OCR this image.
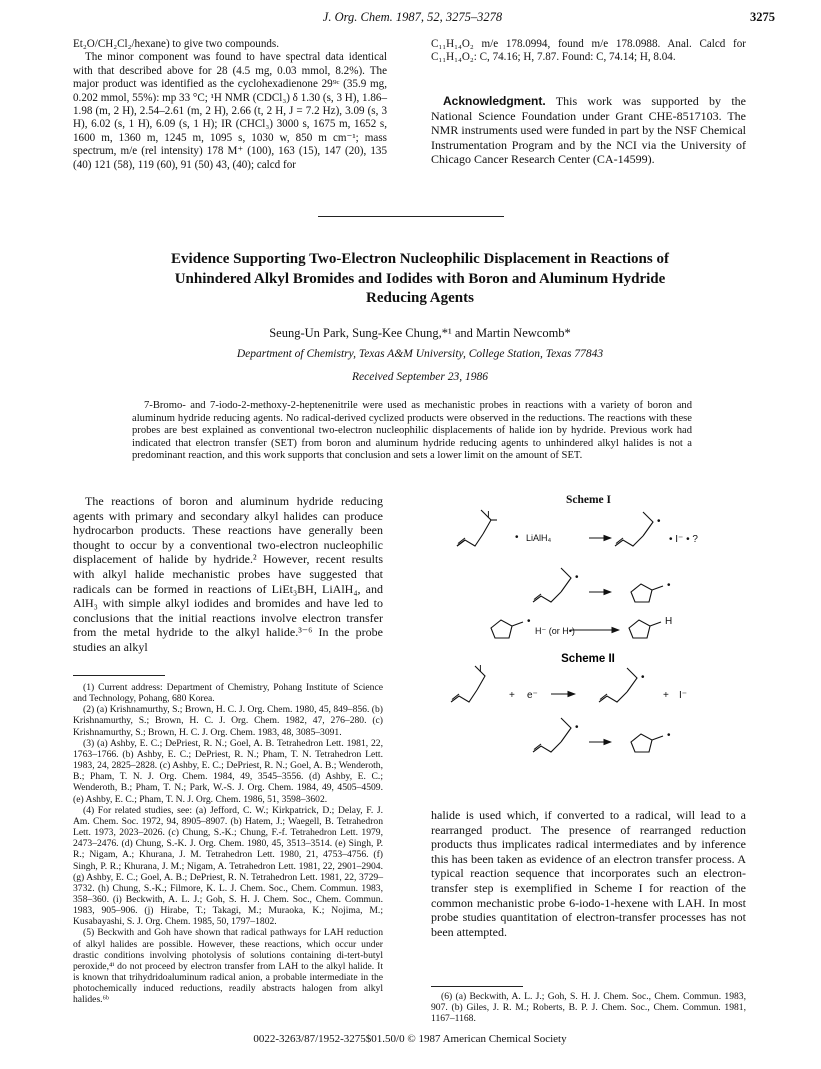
J. Org. Chem. 1987, 52, 3275–3278	3275

Et₂O/CH₂Cl₂/hexane) to give two compounds.

The minor component was found to have spectral data identical with that described above for 28 (4.5 mg, 0.03 mmol, 8.2%). The major product was identified as the cyclohexadienone 29⁹ᶜ (35.9 mg, 0.202 mmol, 55%): mp 33 °C; ¹H NMR (CDCl₃) δ 1.30 (s, 3 H), 1.86–1.98 (m, 2 H), 2.54–2.61 (m, 2 H), 2.66 (t, 2 H, J = 7.2 Hz), 3.09 (s, 3 H), 6.02 (s, 1 H), 6.09 (s, 1 H); IR (CHCl₃) 3000 s, 1675 m, 1652 s, 1600 m, 1360 m, 1245 m, 1095 s, 1030 w, 850 m cm⁻¹; mass spectrum, m/e (rel intensity) 178 M⁺ (100), 163 (15), 147 (20), 135 (40) 121 (58), 119 (60), 91 (50) 43, (40); calcd for

C₁₁H₁₄O₂ m/e 178.0994, found m/e 178.0988. Anal. Calcd for C₁₁H₁₄O₂: C, 74.16; H, 7.87. Found: C, 74.14; H, 8.04.

Acknowledgment. This work was supported by the National Science Foundation under Grant CHE-8517103. The NMR instruments used were funded in part by the NSF Chemical Instrumentation Program and by the NCI via the University of Chicago Cancer Research Center (CA-14599).

Evidence Supporting Two-Electron Nucleophilic Displacement in Reactions of Unhindered Alkyl Bromides and Iodides with Boron and Aluminum Hydride Reducing Agents
Seung-Un Park, Sung-Kee Chung,*¹ and Martin Newcomb*
Department of Chemistry, Texas A&M University, College Station, Texas 77843
Received September 23, 1986

7-Bromo- and 7-iodo-2-methoxy-2-heptenenitrile were used as mechanistic probes in reactions with a variety of boron and aluminum hydride reducing agents. No radical-derived cyclized products were observed in the reductions. The reactions with these probes are best explained as conventional two-electron nucleophilic displacements of halide ion by hydride. Previous work had indicated that electron transfer (SET) from boron and aluminum hydride reducing agents to unhindered alkyl halides is not a predominant reaction, and this work supports that conclusion and sets a lower limit on the amount of SET.

The reactions of boron and aluminum hydride reducing agents with primary and secondary alkyl halides can produce hydrocarbon products. These reactions have generally been thought to occur by a conventional two-electron nucleophilic displacement of halide by hydride.² However, recent results with alkyl halide mechanistic probes have suggested that radicals can be formed in reactions of LiEt₃BH, LiAlH₄, and AlH₃ with simple alkyl iodides and bromides and have led to conclusions that the initial reactions involve electron transfer from the metal hydride to the alkyl halide.³⁻⁶ In the probe studies an alkyl

(1) Current address: Department of Chemistry, Pohang Institute of Science and Technology, Pohang, 680 Korea.

(2) (a) Krishnamurthy, S.; Brown, H. C. J. Org. Chem. 1980, 45, 849–856. (b) Krishnamurthy, S.; Brown, H. C. J. Org. Chem. 1982, 47, 276–280. (c) Krishnamurthy, S.; Brown, H. C. J. Org. Chem. 1983, 48, 3085–3091.

(3) (a) Ashby, E. C.; DePriest, R. N.; Goel, A. B. Tetrahedron Lett. 1981, 22, 1763–1766. (b) Ashby, E. C.; DePriest, R. N.; Pham, T. N. Tetrahedron Lett. 1983, 24, 2825–2828. (c) Ashby, E. C.; DePriest, R. N.; Goel, A. B.; Wenderoth, B.; Pham, T. N. J. Org. Chem. 1984, 49, 3545–3556. (d) Ashby, E. C.; Wenderoth, B.; Pham, T. N.; Park, W.-S. J. Org. Chem. 1984, 49, 4505–4509. (e) Ashby, E. C.; Pham, T. N. J. Org. Chem. 1986, 51, 3598–3602.

(4) For related studies, see: (a) Jefford, C. W.; Kirkpatrick, D.; Delay, F. J. Am. Chem. Soc. 1972, 94, 8905–8907. (b) Hatem, J.; Waegell, B. Tetrahedron Lett. 1973, 2023–2026. (c) Chung, S.-K.; Chung, F.-f. Tetrahedron Lett. 1979, 2473–2476. (d) Chung, S.-K. J. Org. Chem. 1980, 45, 3513–3514. (e) Singh, P. R.; Nigam, A.; Khurana, J. M. Tetrahedron Lett. 1980, 21, 4753–4756. (f) Singh, P. R.; Khurana, J. M.; Nigam, A. Tetrahedron Lett. 1981, 22, 2901–2904. (g) Ashby, E. C.; Goel, A. B.; DePriest, R. N. Tetrahedron Lett. 1981, 22, 3729–3732. (h) Chung, S.-K.; Filmore, K. L. J. Chem. Soc., Chem. Commun. 1983, 358–360. (i) Beckwith, A. L. J.; Goh, S. H. J. Chem. Soc., Chem. Commun. 1983, 905–906. (j) Hirabe, T.; Takagi, M.; Muraoka, K.; Nojima, M.; Kusabayashi, S. J. Org. Chem. 1985, 50, 1797–1802.

(5) Beckwith and Goh have shown that radical pathways for LAH reduction of alkyl halides are possible. However, these reactions, which occur under drastic conditions involving photolysis of solutions containing di-tert-butyl peroxide,⁴ⁱ do not proceed by electron transfer from LAH to the alkyl halide. It is known that trihydridoaluminum radical anion, a probable intermediate in the photochemically induced reductions, readily abstracts halogen from alkyl halides.⁶ᵇ

Scheme I
I
• LiAlH₄
•
• I⁻ • ?
•
•
•
H⁻ (or H•)
H
I
+ e⁻
•
+ I⁻
•
•
Scheme II

halide is used which, if converted to a radical, will lead to a rearranged product. The presence of rearranged reduction products thus implicates radical intermediates and by inference this has been taken as evidence of an electron transfer process. A typical reaction sequence that incorporates such an electron-transfer step is exemplified in Scheme I for reaction of the common mechanistic probe 6-iodo-1-hexene with LAH. In most probe studies quantitation of electron-transfer processes has not been attempted.

(6) (a) Beckwith, A. L. J.; Goh, S. H. J. Chem. Soc., Chem. Commun. 1983, 907. (b) Giles, J. R. M.; Roberts, B. P. J. Chem. Soc., Chem. Commun. 1981, 1167–1168.

0022-3263/87/1952-3275$01.50/0 © 1987 American Chemical Society
